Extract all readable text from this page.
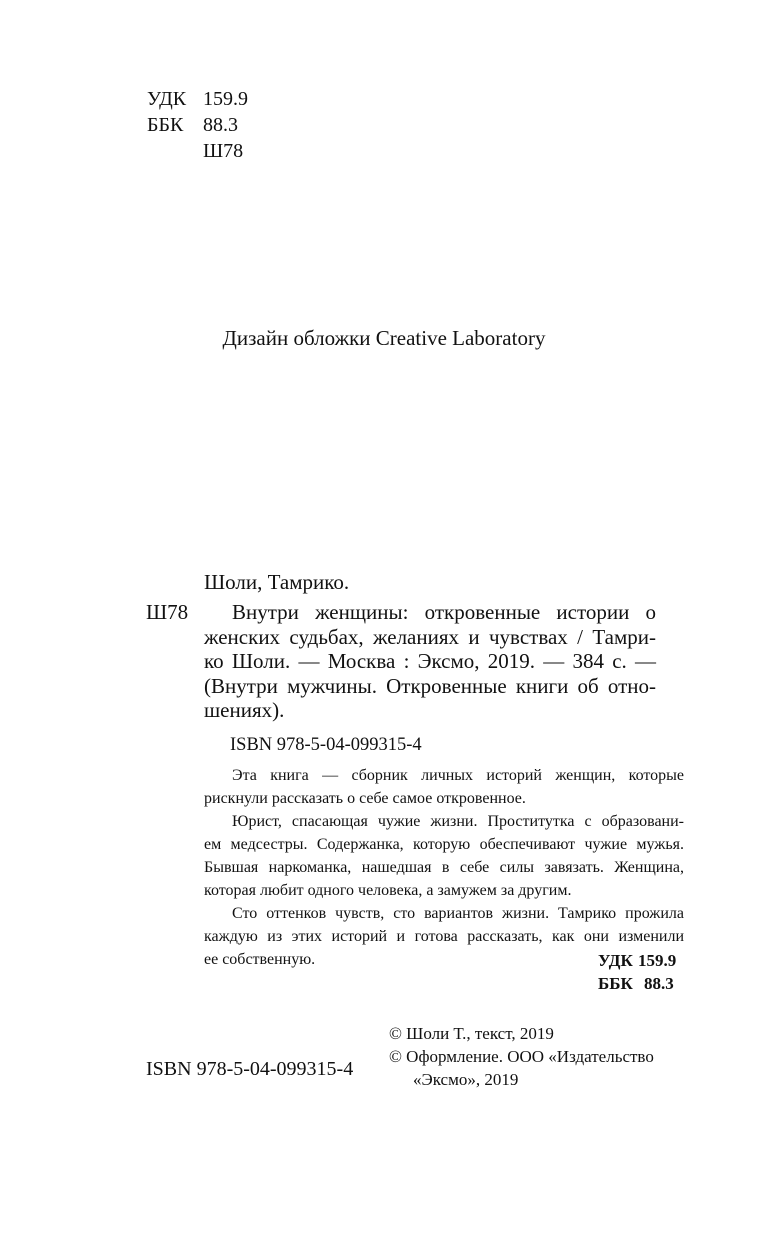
УДК 159.9
ББК 88.3
Ш78
Дизайн обложки Creative Laboratory
Шоли, Тамрико.
Ш78	Внутри женщины: откровенные истории о
женских судьбах, желаниях и чувствах / Тамри-
ко Шоли. — Москва : Эксмо, 2019. — 384 с. —
(Внутри мужчины. Откровенные книги об отно-
шениях).
ISBN 978-5-04-099315-4
Эта книга — сборник личных историй женщин, которые
рискнули рассказать о себе самое откровенное.
Юрист, спасающая чужие жизни. Проститутка с образовани-
ем медсестры. Содержанка, которую обеспечивают чужие мужья.
Бывшая наркоманка, нашедшая в себе силы завязать. Женщина,
которая любит одного человека, а замужем за другим.
Сто оттенков чувств, сто вариантов жизни. Тамрико прожила
каждую из этих историй и готова рассказать, как они изменили
ее собственную.	УДК 159.9
ББК 88.3
© Шоли Т., текст, 2019
© Оформление. ООО «Издательство
«Эксмо», 2019
ISBN 978-5-04-099315-4
